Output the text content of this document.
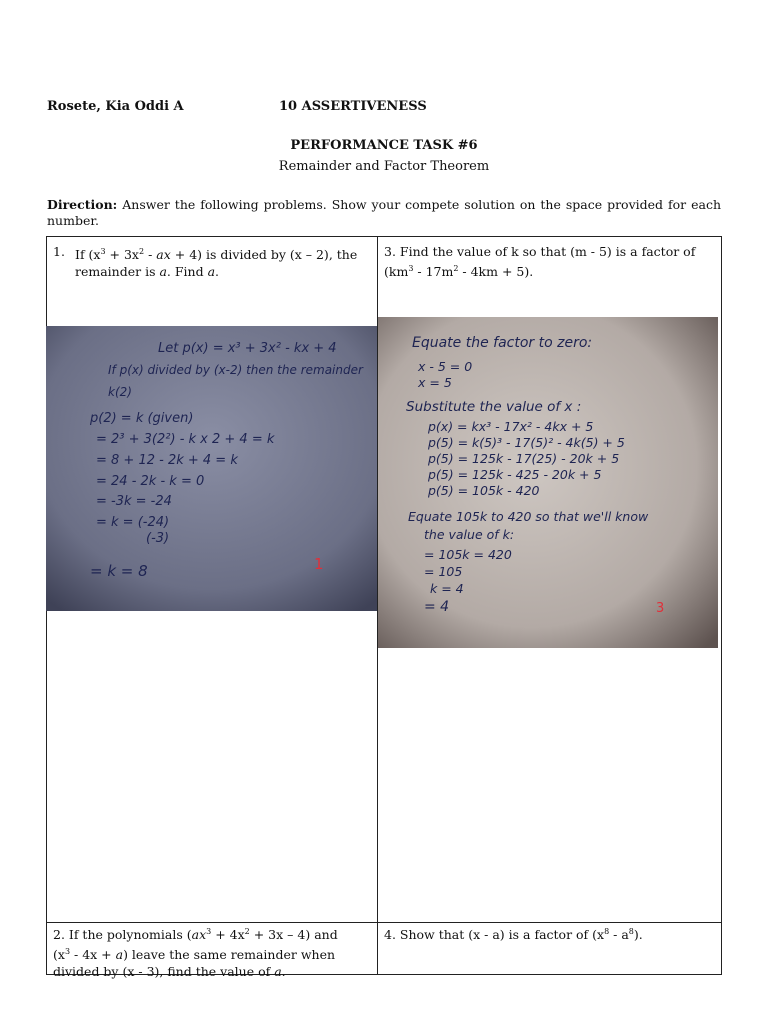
Rosete, Kia Oddi A	10 ASSERTIVENESS
PERFORMANCE TASK #6
Remainder and Factor Theorem
Direction: Answer the following problems. Show your compete solution on the space provided for each number.
1. If ($x^3 + 3x^2$ - ax + 4) is divided by (x – 2), the
remainder is a. Find a.
3. Find the value of k so that (m - 5) is a factor of
$(km^3 - 17m^2 - 4km + 5)$.
Let p(x) = x³ + 3x² - kx + 4
If p(x) divided by (x-2) then the remainder
k(2)
p(2) = k (given)
= 2³ + 3(2²) - k x 2 + 4 = k
= 8 + 12 - 2k + 4 = k
= 24 - 2k - k = 0
= -3k = -24
= k = (-24)
(-3)
= k = 8	1
Equate the factor to zero:
x - 5 = 0
x = 5
Substitute the value of x :
p(x) = kx³ - 17x² - 4kx + 5
p(5) = k(5)³ - 17(5)² - 4k(5) + 5
p(5) = 125k - 17(25) - 20k + 5
p(5) = 125k - 425 - 20k + 5
p(5) = 105k - 420
Equate 105k to 420 so that we'll know
the value of k:
= 105k = 420
= 105
k = 4
= 4	3
2. If the polynomials $(ax^3 + 4x^2 + 3x - 4)$ and
$(x^3 - 4x + a)$ leave the same remainder when
divided by (x - 3), find the value of a.
4. Show that (x - a) is a factor of $(x^8 - a^8)$.
